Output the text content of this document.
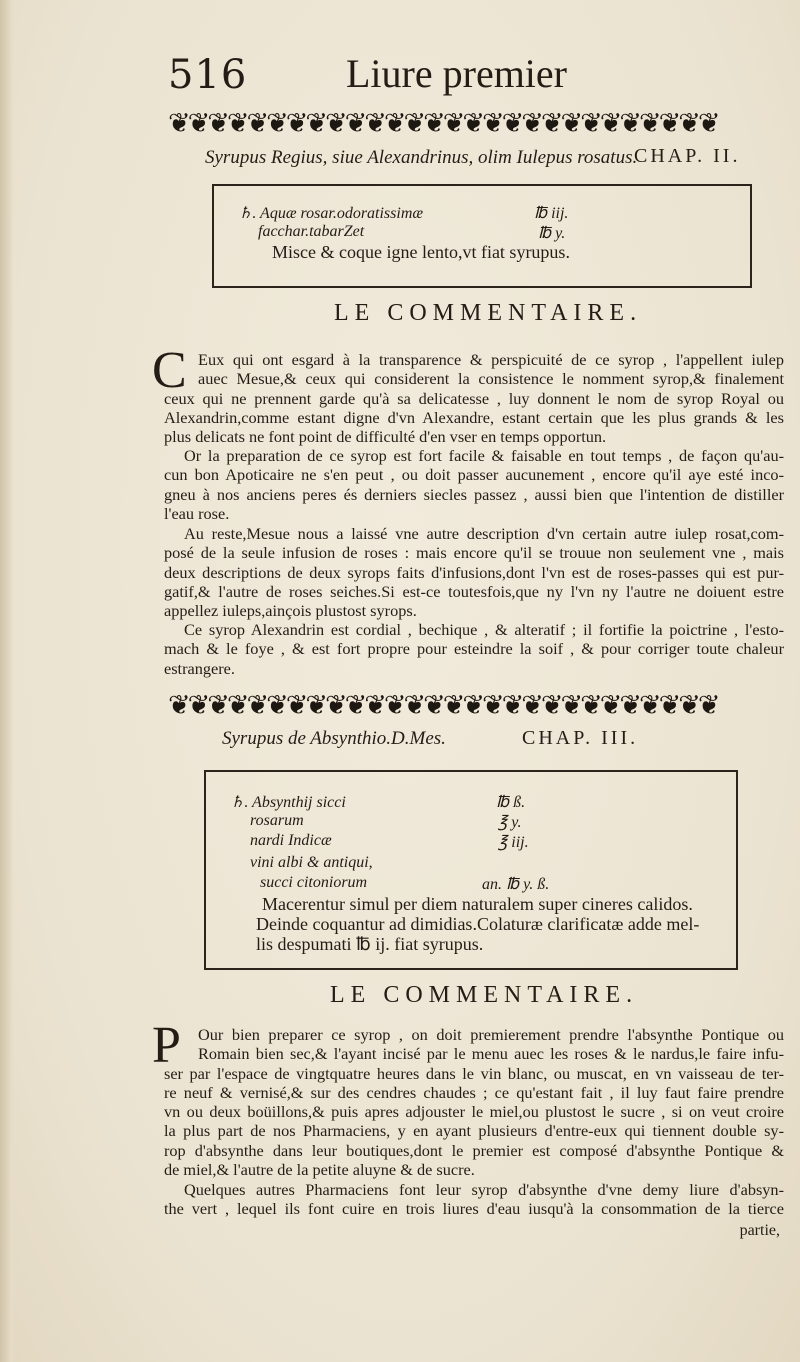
516 Liure premier
❦❦❦❦❦❦❦❦❦❦❦❦❦❦❦❦❦❦❦❦❦❦❦❦❦❦❦❦
Syrupus Regius, siue Alexandrinus, olim Iulepus rosatus.
CHAP. II.
♄. Aquæ rosar.odoratissimæ	℔ iij.
facchar.tabarZet	℔ y.
Misce & coque igne lento,vt fiat syrupus.
LE COMMENTAIRE.
C Eux qui ont esgard à la transparence & perspicuité de ce syrop , l'appellent iulep
auec Mesue,& ceux qui considerent la consistence le nomment syrop,& finalement
ceux qui ne prennent garde qu'à sa delicatesse , luy donnent le nom de syrop Royal ou
Alexandrin,comme estant digne d'vn Alexandre, estant certain que les plus grands & les
plus delicats ne font point de difficulté d'en vser en temps opportun.
Or la preparation de ce syrop est fort facile & faisable en tout temps , de façon qu'au-
cun bon Apoticaire ne s'en peut , ou doit passer aucunement , encore qu'il aye esté inco-
gneu à nos anciens peres és derniers siecles passez , aussi bien que l'intention de distiller
l'eau rose.
Au reste,Mesue nous a laissé vne autre description d'vn certain autre iulep rosat,com-
posé de la seule infusion de roses : mais encore qu'il se trouue non seulement vne , mais
deux descriptions de deux syrops faits d'infusions,dont l'vn est de roses-passes qui est pur-
gatif,& l'autre de roses seiches.Si est-ce toutesfois,que ny l'vn ny l'autre ne doiuent estre
appellez iuleps,ainçois plustost syrops.
Ce syrop Alexandrin est cordial , bechique , & alteratif ; il fortifie la poictrine , l'esto-
mach & le foye , & est fort propre pour esteindre la soif , & pour corriger toute chaleur
estrangere.
❦❦❦❦❦❦❦❦❦❦❦❦❦❦❦❦❦❦❦❦❦❦❦❦❦❦❦❦
Syrupus de Absynthio.D.Mes.	CHAP. III.
♄. Absynthij sicci	℔ ß.
rosarum	℥ y.
nardi Indicæ	℥ iij.
vini albi & antiqui,
succi citoniorum	an. ℔ y. ß.
Macerentur simul per diem naturalem super cineres calidos.
Deinde coquantur ad dimidias.Colaturæ clarificatæ adde mel-
lis despumati ℔ ij. fiat syrupus.
LE COMMENTAIRE.
P	Our bien preparer ce syrop , on doit premierement prendre l'absynthe Pontique ou
Romain bien sec,& l'ayant incisé par le menu auec les roses & le nardus,le faire infu-
ser par l'espace de vingtquatre heures dans le vin blanc, ou muscat, en vn vaisseau de ter-
re neuf & vernisé,& sur des cendres chaudes ; ce qu'estant fait , il luy faut faire prendre
vn ou deux boüillons,& puis apres adjouster le miel,ou plustost le sucre , si on veut croire
la plus part de nos Pharmaciens, y en ayant plusieurs d'entre-eux qui tiennent double sy-
rop d'absynthe dans leur boutiques,dont le premier est composé d'absynthe Pontique &
de miel,& l'autre de la petite aluyne & de sucre.
Quelques autres Pharmaciens font leur syrop d'absynthe d'vne demy liure d'absyn-
the vert , lequel ils font cuire en trois liures d'eau iusqu'à la consommation de la tierce
partie,
